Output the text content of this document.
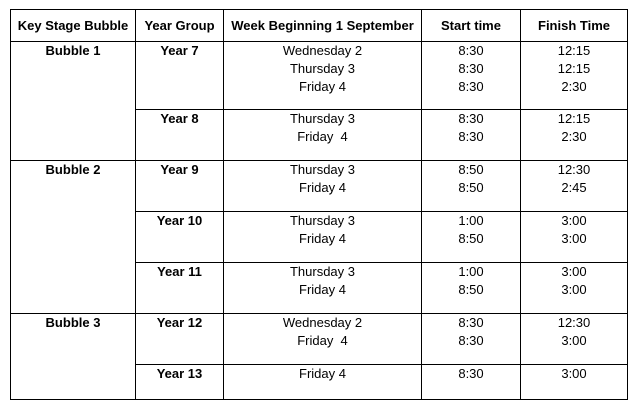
Key Stage Bubble	Year Group	Week Beginning 1 September	Start time	Finish Time

Bubble 1	Year 7	Wednesday 2
Thursday 3
Friday 4	8:30
8:30
8:30	12:15
12:15
2:30

	Year 8	Thursday 3
Friday  4	8:30
8:30	12:15
2:30

Bubble 2	Year 9	Thursday 3
Friday 4	8:50
8:50	12:30
2:45

	Year 10	Thursday 3
Friday 4	1:00
8:50	3:00
3:00

	Year 11	Thursday 3
Friday 4	1:00
8:50	3:00
3:00

Bubble 3	Year 12	Wednesday 2
Friday  4	8:30
8:30	12:30
3:00

	Year 13	Friday 4	8:30	3:00
